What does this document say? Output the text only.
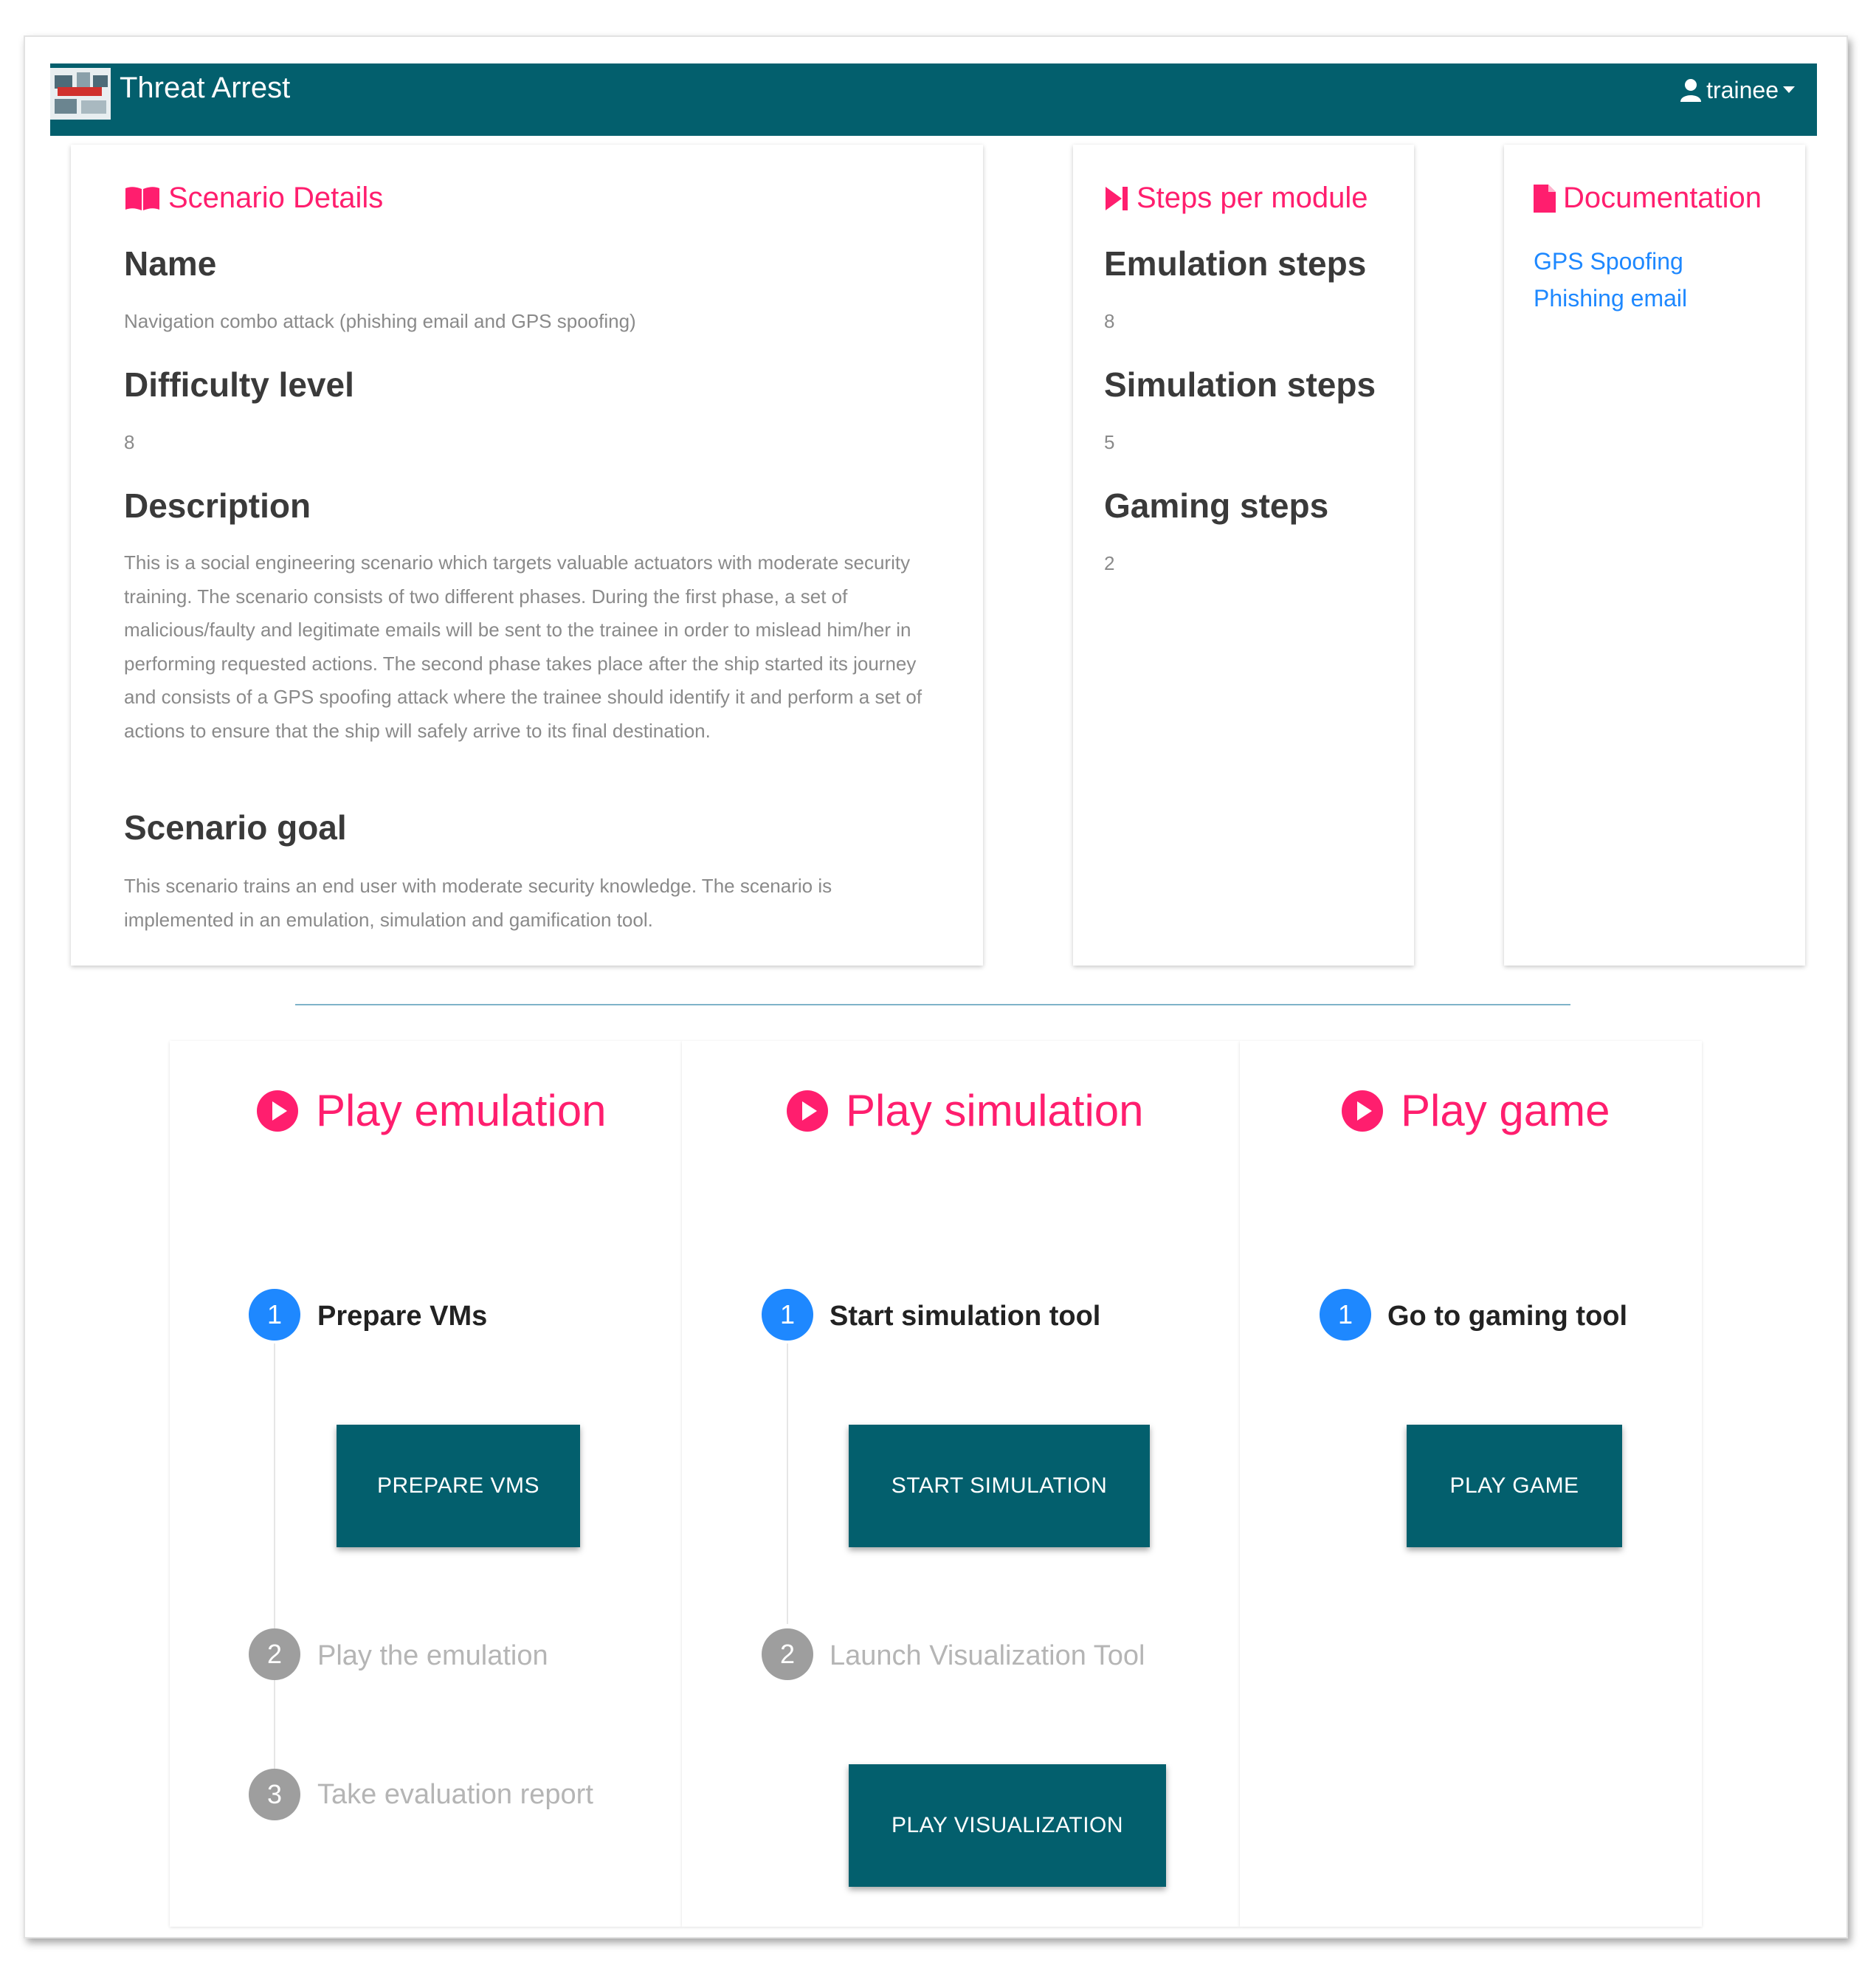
Threat Arrest	trainee
Scenario Details
Name
Navigation combo attack (phishing email and GPS spoofing)
Difficulty level
8
Description
This is a social engineering scenario which targets valuable actuators with moderate security training. The scenario consists of two different phases. During the first phase, a set of malicious/faulty and legitimate emails will be sent to the trainee in order to mislead him/her in performing requested actions. The second phase takes place after the ship started its journey and consists of a GPS spoofing attack where the trainee should identify it and perform a set of actions to ensure that the ship will safely arrive to its final destination.
Scenario goal
This scenario trains an end user with moderate security knowledge. The scenario is implemented in an emulation, simulation and gamification tool.
Steps per module
Emulation steps
8
Simulation steps
5
Gaming steps
2
Documentation
GPS Spoofing
Phishing email
Play emulation
1	Prepare VMs
PREPARE VMS
2	Play the emulation
3	Take evaluation report
Play simulation
1	Start simulation tool
START SIMULATION
2	Launch Visualization Tool
PLAY VISUALIZATION
Play game
1	Go to gaming tool
PLAY GAME
